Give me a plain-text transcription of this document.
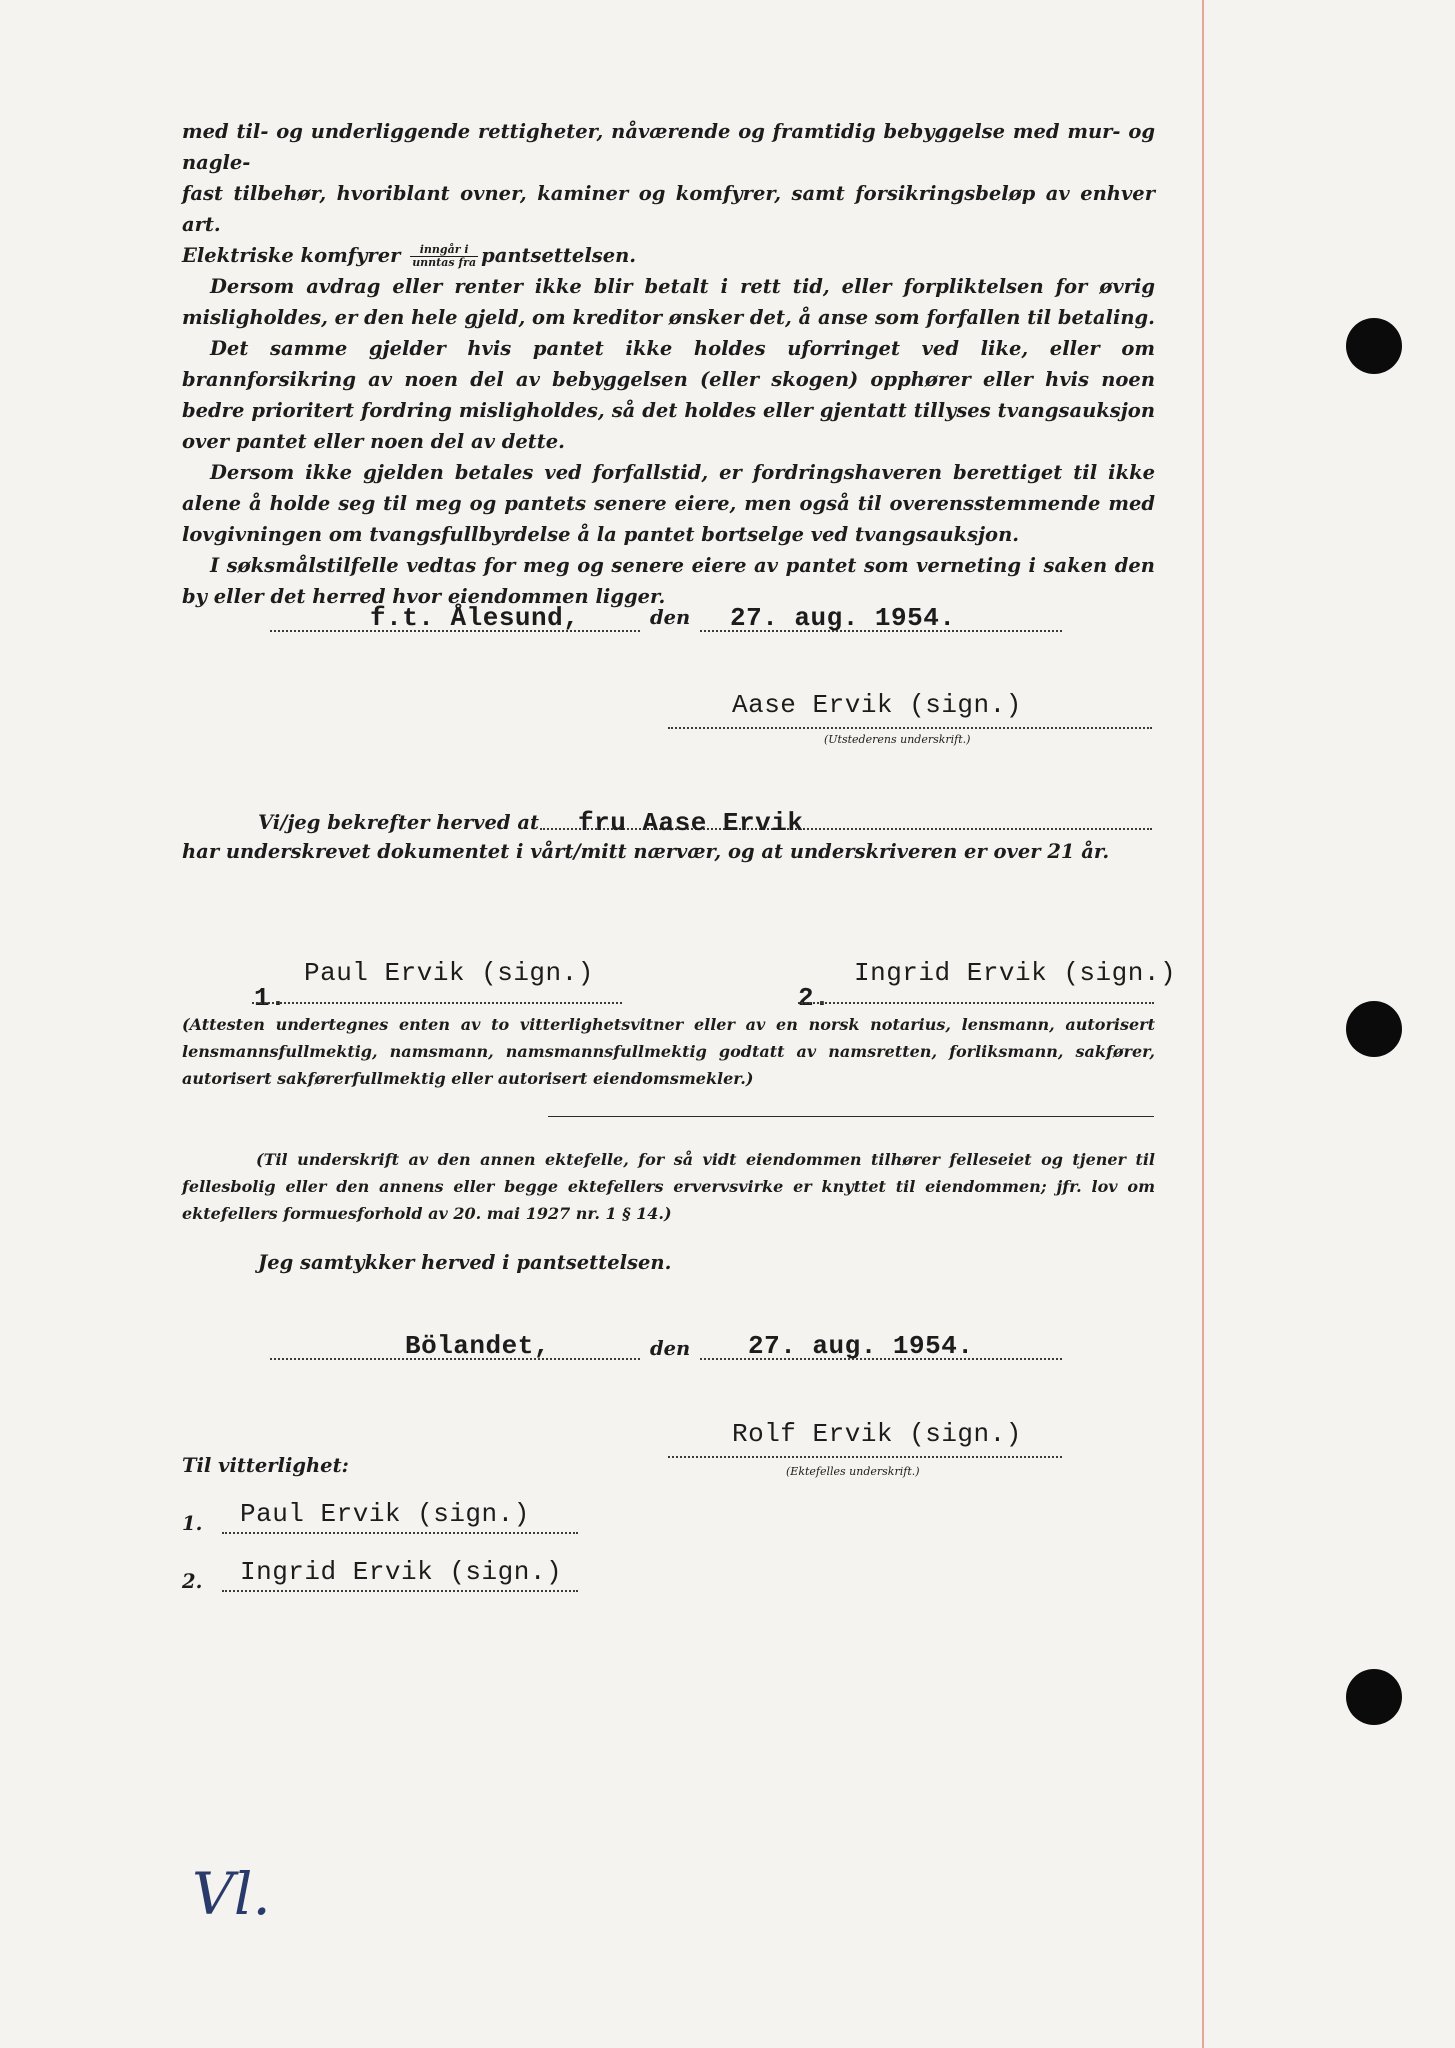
med til- og underliggende rettigheter, nåværende og framtidig bebyggelse med mur- og nagle-

fast tilbehør, hvoriblant ovner, kaminer og komfyrer, samt forsikringsbeløp av enhver art.

Elektriske komfyrer $\frac{\text{inngår i}}{\text{unntas fra}}$ pantsettelsen.

Dersom avdrag eller renter ikke blir betalt i rett tid, eller forpliktelsen for øvrig misligholdes, er den hele gjeld, om kreditor ønsker det, å anse som forfallen til betaling.

Det samme gjelder hvis pantet ikke holdes uforringet ved like, eller om brannforsikring av noen del av bebyggelsen (eller skogen) opphører eller hvis noen bedre prioritert fordring misligholdes, så det holdes eller gjentatt tillyses tvangsauksjon over pantet eller noen del av dette.

Dersom ikke gjelden betales ved forfallstid, er fordringshaveren berettiget til ikke alene å holde seg til meg og pantets senere eiere, men også til overensstemmende med lovgivningen om tvangsfullbyrdelse å la pantet bortselge ved tvangsauksjon.

I søksmålstilfelle vedtas for meg og senere eiere av pantet som verneting i saken den by eller det herred hvor eiendommen ligger.

f.t. Ålesund,	den 27. aug. 1954.
Aase Ervik (sign.)
(Utstederens underskrift.)
Vi/jeg bekrefter herved at fru Aase Ervik
har underskrevet dokumentet i vårt/mitt nærvær, og at underskriveren er over 21 år.
Paul Ervik (sign.)
1.
Ingrid Ervik (sign.)
2.

(Attesten undertegnes enten av to vitterlighetsvitner eller av en norsk notarius, lensmann, autorisert lensmannsfullmektig, namsmann, namsmannsfullmektig godtatt av namsretten, forliksmann, sakfører, autorisert sakførerfullmektig eller autorisert eiendomsmekler.)

(Til underskrift av den annen ektefelle, for så vidt eiendommen tilhører felleseiet og tjener til fellesbolig eller den annens eller begge ektefellers ervervsvirke er knyttet til eiendommen; jfr. lov om ektefellers formuesforhold av 20. mai 1927 nr. 1 § 14.)

Jeg samtykker herved i pantsettelsen.
Bölandet,	den 27. aug. 1954.
Rolf Ervik (sign.)
(Ektefelles underskrift.)
Til vitterlighet:
1. Paul Ervik (sign.)
2. Ingrid Ervik (sign.)
Vl.
